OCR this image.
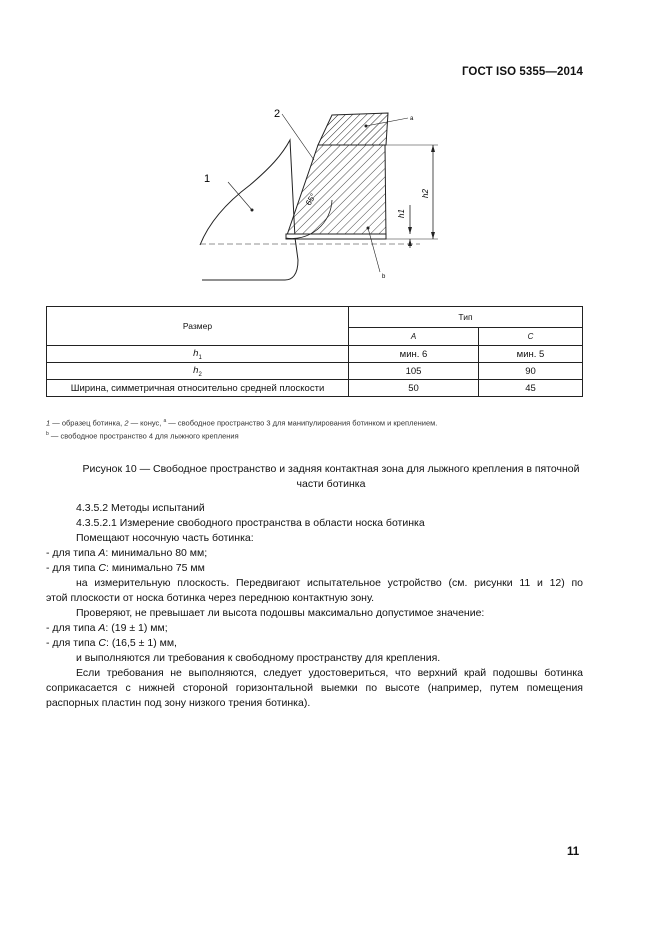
ГОСТ ISO 5355—2014
65°	h2
h1
1
2	a
b
Размер	Тип	
	A	C
$h_1$	мин. 6	мин. 5
$h_2$	105	90
Ширина, симметричная относительно средней плоскости	50	45
1 — образец ботинка, 2 — конус, $^a$ — свободное пространство 3 для манипулирования ботинком и креплением.
$^b$ — свободное пространство 4 для лыжного крепления
Рисунок 10 — Свободное пространство и задняя контактная зона для лыжного крепления в пяточной
части ботинка
4.3.5.2 Методы испытаний
4.3.5.2.1 Измерение свободного пространства в области носка ботинка
Помещают носочную часть ботинка:
- для типа A: минимально 80 мм;
- для типа C: минимально 75 мм
на измерительную плоскость. Передвигают испытательное устройство (см. рисунки 11 и 12) по
этой плоскости от носка ботинка через переднюю контактную зону.
Проверяют, не превышает ли высота подошвы максимально допустимое значение:
- для типа A: (19 ± 1) мм;
- для типа C: (16,5 ± 1) мм,
и выполняются ли требования к свободному пространству для крепления.
Если требования не выполняются, следует удостовериться, что верхний край подошвы ботинка
соприкасается с нижней стороной горизонтальной выемки по высоте (например, путем помещения
распорных пластин под зону низкого трения ботинка).
11
